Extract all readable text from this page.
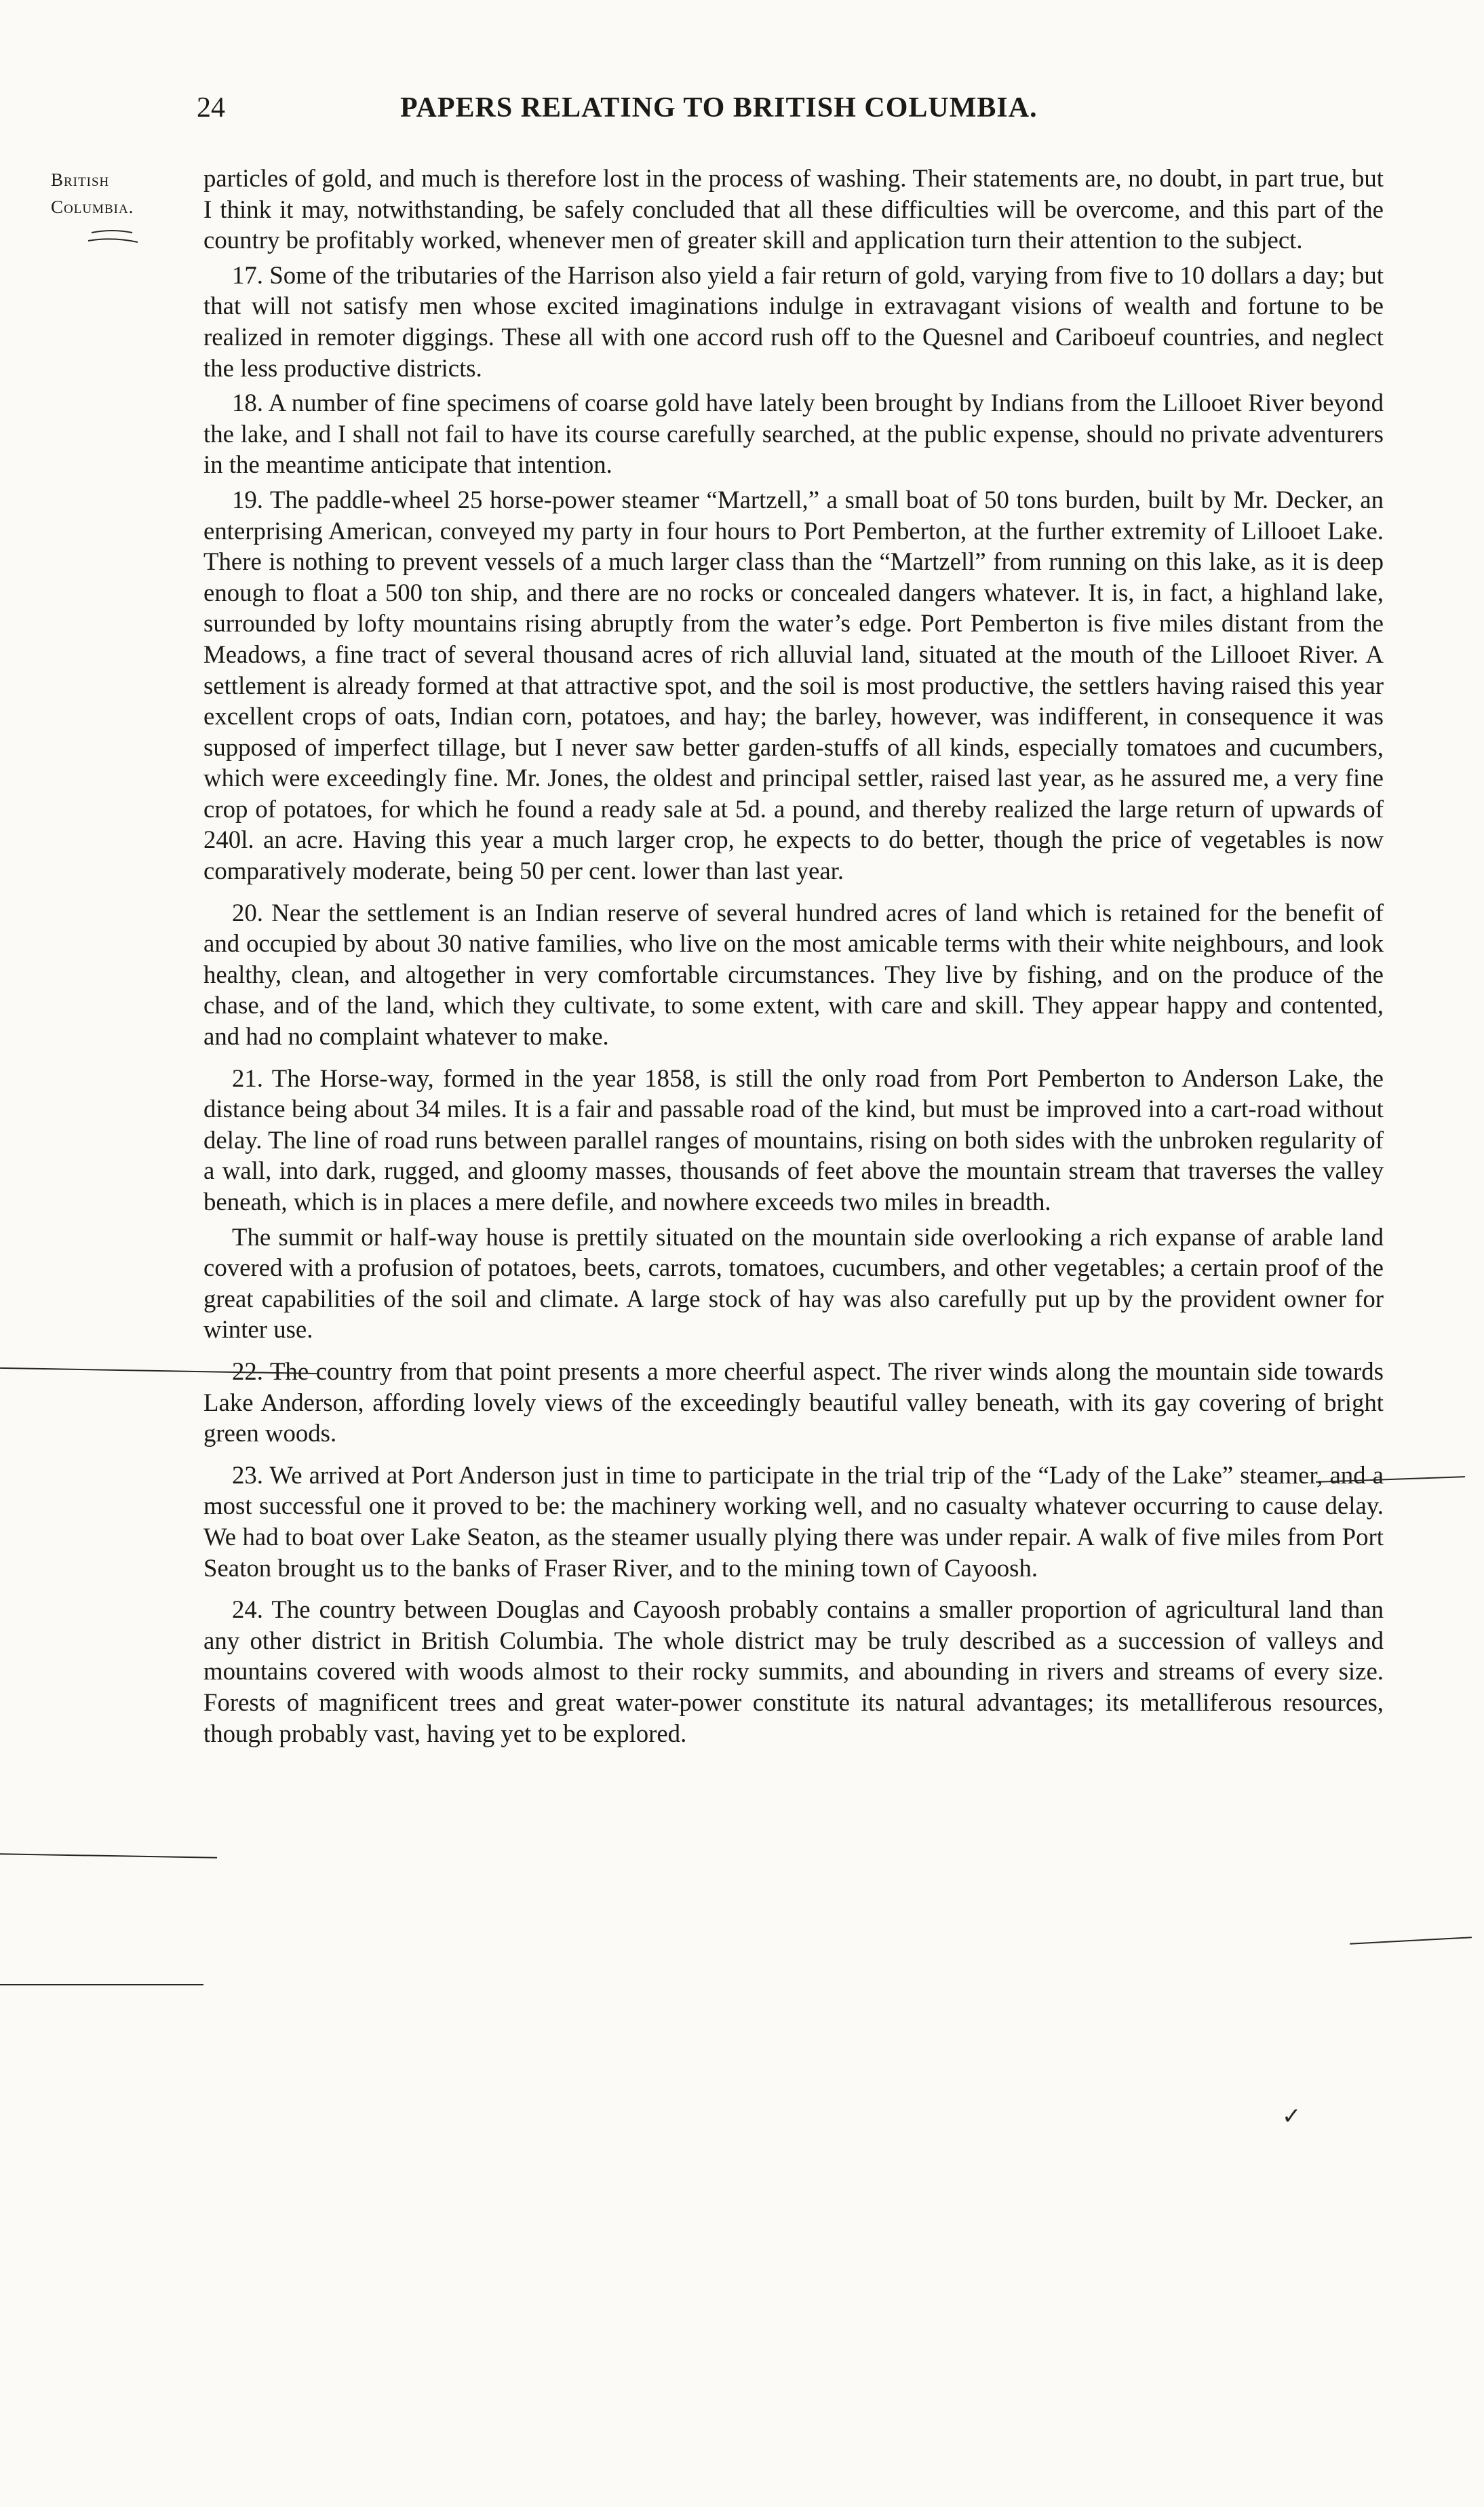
24	PAPERS RELATING TO BRITISH COLUMBIA.
British
Columbia.

particles of gold, and much is therefore lost in the process of washing. Their statements are, no doubt, in part true, but I think it may, notwithstanding, be safely concluded that all these difficulties will be overcome, and this part of the country be profitably worked, whenever men of greater skill and application turn their attention to the subject.

17. Some of the tributaries of the Harrison also yield a fair return of gold, varying from five to 10 dollars a day; but that will not satisfy men whose excited imaginations indulge in extravagant visions of wealth and fortune to be realized in remoter diggings. These all with one accord rush off to the Quesnel and Cariboeuf countries, and neglect the less productive districts.

18. A number of fine specimens of coarse gold have lately been brought by Indians from the Lillooet River beyond the lake, and I shall not fail to have its course carefully searched, at the public expense, should no private adventurers in the meantime anticipate that intention.

19. The paddle-wheel 25 horse-power steamer “Martzell,” a small boat of 50 tons burden, built by Mr. Decker, an enterprising American, conveyed my party in four hours to Port Pemberton, at the further extremity of Lillooet Lake. There is nothing to prevent vessels of a much larger class than the “Martzell” from running on this lake, as it is deep enough to float a 500 ton ship, and there are no rocks or concealed dangers whatever. It is, in fact, a highland lake, surrounded by lofty mountains rising abruptly from the water’s edge. Port Pemberton is five miles distant from the Meadows, a fine tract of several thousand acres of rich alluvial land, situated at the mouth of the Lillooet River. A settlement is already formed at that attractive spot, and the soil is most productive, the settlers having raised this year excellent crops of oats, Indian corn, potatoes, and hay; the barley, however, was indifferent, in consequence it was supposed of imperfect tillage, but I never saw better garden-stuffs of all kinds, especially tomatoes and cucumbers, which were exceedingly fine. Mr. Jones, the oldest and principal settler, raised last year, as he assured me, a very fine crop of potatoes, for which he found a ready sale at 5d. a pound, and thereby realized the large return of upwards of 240l. an acre. Having this year a much larger crop, he expects to do better, though the price of vegetables is now comparatively moderate, being 50 per cent. lower than last year.

20. Near the settlement is an Indian reserve of several hundred acres of land which is retained for the benefit of and occupied by about 30 native families, who live on the most amicable terms with their white neighbours, and look healthy, clean, and altogether in very comfortable circumstances. They live by fishing, and on the produce of the chase, and of the land, which they cultivate, to some extent, with care and skill. They appear happy and contented, and had no complaint whatever to make.

21. The Horse-way, formed in the year 1858, is still the only road from Port Pemberton to Anderson Lake, the distance being about 34 miles. It is a fair and passable road of the kind, but must be improved into a cart-road without delay. The line of road runs between parallel ranges of mountains, rising on both sides with the unbroken regularity of a wall, into dark, rugged, and gloomy masses, thousands of feet above the mountain stream that traverses the valley beneath, which is in places a mere defile, and nowhere exceeds two miles in breadth.

The summit or half-way house is prettily situated on the mountain side overlooking a rich expanse of arable land covered with a profusion of potatoes, beets, carrots, tomatoes, cucumbers, and other vegetables; a certain proof of the great capabilities of the soil and climate. A large stock of hay was also carefully put up by the provident owner for winter use.

22. The country from that point presents a more cheerful aspect. The river winds along the mountain side towards Lake Anderson, affording lovely views of the exceedingly beautiful valley beneath, with its gay covering of bright green woods.

23. We arrived at Port Anderson just in time to participate in the trial trip of the “Lady of the Lake” steamer, and a most successful one it proved to be: the machinery working well, and no casualty whatever occurring to cause delay. We had to boat over Lake Seaton, as the steamer usually plying there was under repair. A walk of five miles from Port Seaton brought us to the banks of Fraser River, and to the mining town of Cayoosh.

24. The country between Douglas and Cayoosh probably contains a smaller proportion of agricultural land than any other district in British Columbia. The whole district may be truly described as a succession of valleys and mountains covered with woods almost to their rocky summits, and abounding in rivers and streams of every size. Forests of magnificent trees and great water-power constitute its natural advantages; its metalliferous resources, though probably vast, having yet to be explored.

✓
